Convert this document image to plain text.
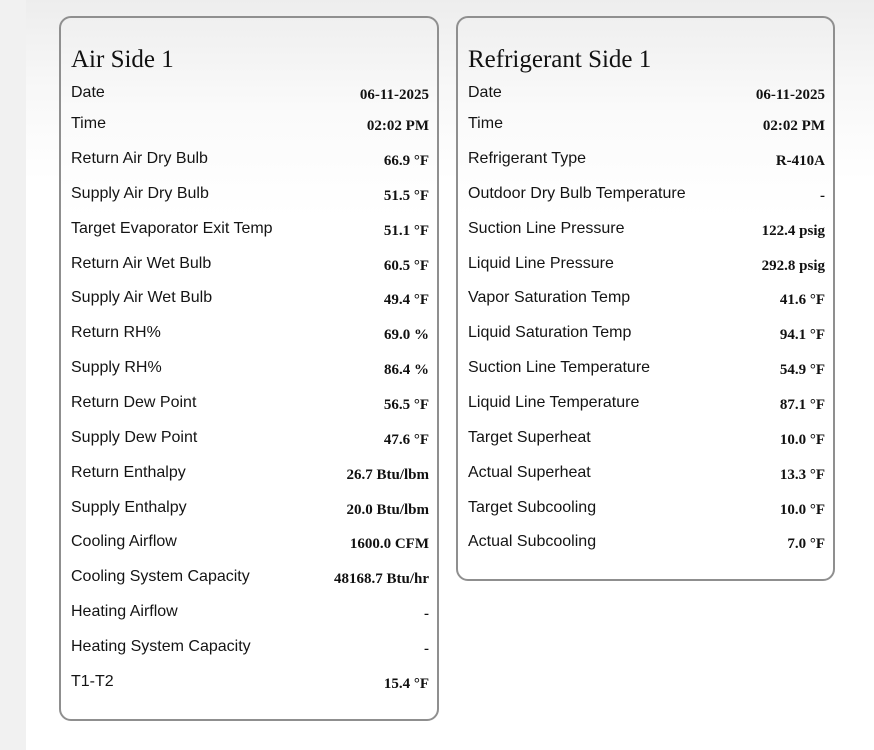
Air Side 1
Date	06-11-2025
Time	02:02 PM
Return Air Dry Bulb	66.9 °F
Supply Air Dry Bulb	51.5 °F
Target Evaporator Exit Temp	51.1 °F
Return Air Wet Bulb	60.5 °F
Supply Air Wet Bulb	49.4 °F
Return RH%	69.0 %
Supply RH%	86.4 %
Return Dew Point	56.5 °F
Supply Dew Point	47.6 °F
Return Enthalpy	26.7 Btu/lbm
Supply Enthalpy	20.0 Btu/lbm
Cooling Airflow	1600.0 CFM
Cooling System Capacity	48168.7 Btu/hr
Heating Airflow	-
Heating System Capacity	-
T1-T2	15.4 °F
Refrigerant Side 1
Date	06-11-2025
Time	02:02 PM
Refrigerant Type	R-410A
Outdoor Dry Bulb Temperature	-
Suction Line Pressure	122.4 psig
Liquid Line Pressure	292.8 psig
Vapor Saturation Temp	41.6 °F
Liquid Saturation Temp	94.1 °F
Suction Line Temperature	54.9 °F
Liquid Line Temperature	87.1 °F
Target Superheat	10.0 °F
Actual Superheat	13.3 °F
Target Subcooling	10.0 °F
Actual Subcooling	7.0 °F
